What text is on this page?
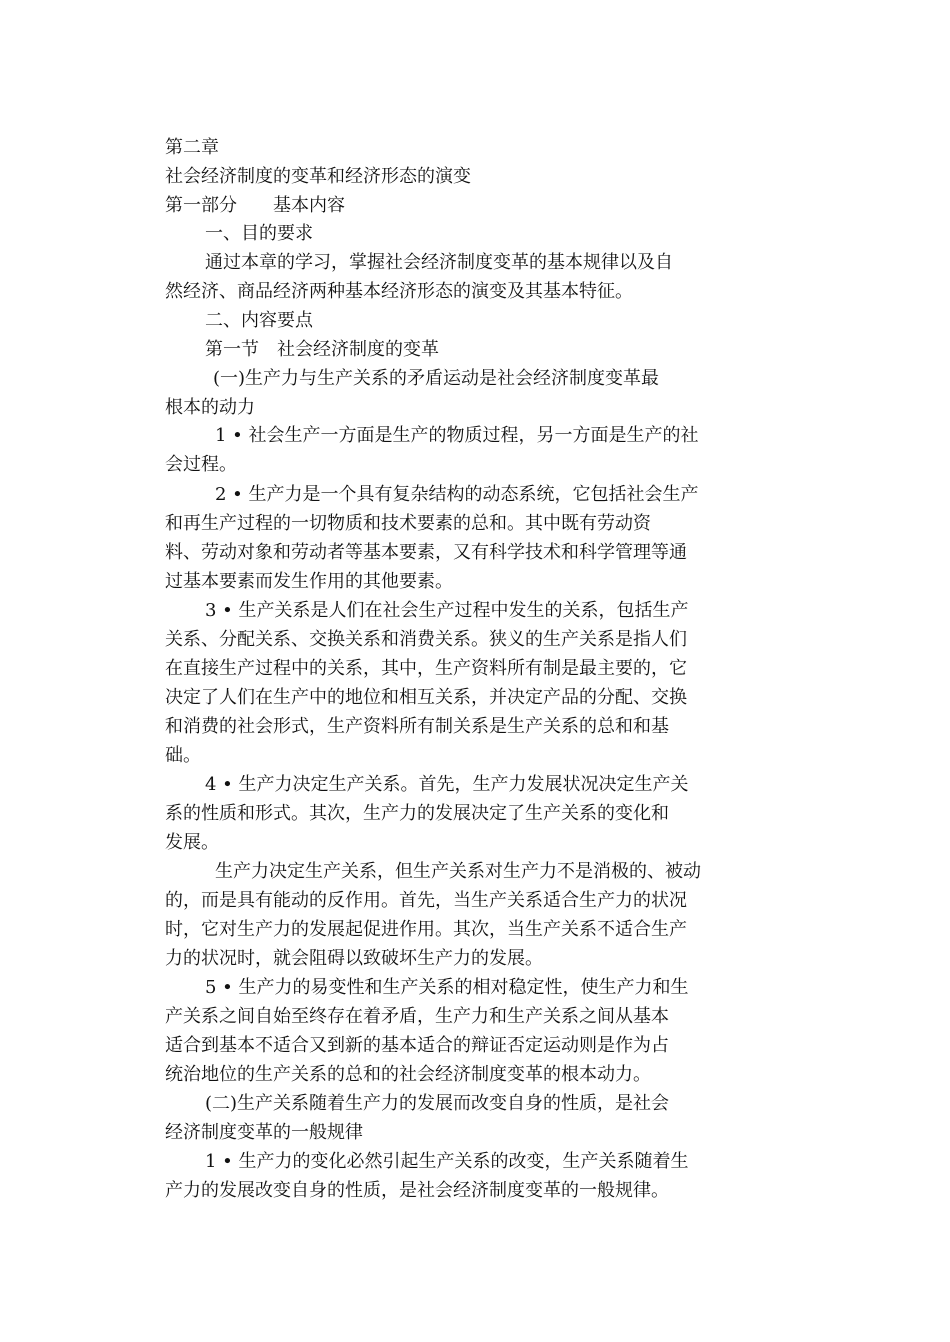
第二章
社会经济制度的变革和经济形态的演变
第一部分　　基本内容
一、目的要求
通过本章的学习，掌握社会经济制度变革的基本规律以及自
然经济、商品经济两种基本经济形态的演变及其基本特征。
二、内容要点
第一节　社会经济制度的变革
(一)生产力与生产关系的矛盾运动是社会经济制度变革最
根本的动力
1 • 社会生产一方面是生产的物质过程，另一方面是生产的社
会过程。
2 • 生产力是一个具有复杂结构的动态系统，它包括社会生产
和再生产过程的一切物质和技术要素的总和。其中既有劳动资
料、劳动对象和劳动者等基本要素，又有科学技术和科学管理等通
过基本要素而发生作用的其他要素。
3 • 生产关系是人们在社会生产过程中发生的关系，包括生产
关系、分配关系、交换关系和消费关系。狭义的生产关系是指人们
在直接生产过程中的关系，其中，生产资料所有制是最主要的，它
决定了人们在生产中的地位和相互关系，并决定产品的分配、交换
和消费的社会形式，生产资料所有制关系是生产关系的总和和基
础。
4 • 生产力决定生产关系。首先，生产力发展状况决定生产关
系的性质和形式。其次，生产力的发展决定了生产关系的变化和
发展。
生产力决定生产关系，但生产关系对生产力不是消极的、被动
的，而是具有能动的反作用。首先，当生产关系适合生产力的状况
时，它对生产力的发展起促进作用。其次，当生产关系不适合生产
力的状况时，就会阻碍以致破坏生产力的发展。
5 • 生产力的易变性和生产关系的相对稳定性，使生产力和生
产关系之间自始至终存在着矛盾，生产力和生产关系之间从基本
适合到基本不适合又到新的基本适合的辩证否定运动则是作为占
统治地位的生产关系的总和的社会经济制度变革的根本动力。
(二)生产关系随着生产力的发展而改变自身的性质，是社会
经济制度变革的一般规律
1 • 生产力的变化必然引起生产关系的改变，生产关系随着生
产力的发展改变自身的性质，是社会经济制度变革的一般规律。
